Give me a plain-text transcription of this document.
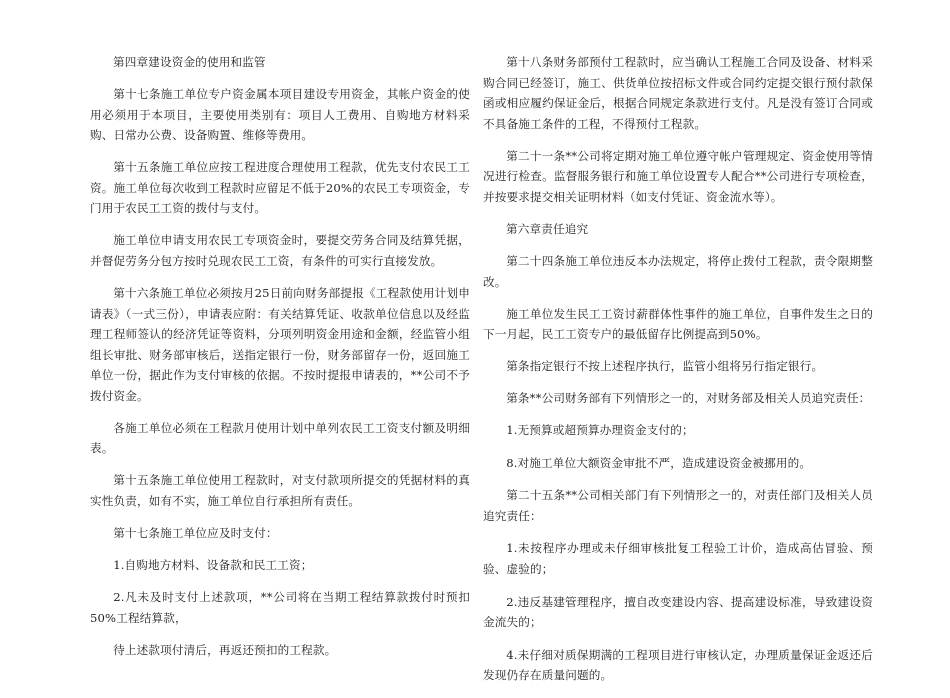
第四章建设资金的使用和监管

第十七条施工单位专户资金属本项目建设专用资金，其帐户资金的使用必须用于本项目，主要使用类别有：项目人工费用、自购地方材料采购、日常办公费、设备购置、维修等费用。

第十五条施工单位应按工程进度合理使用工程款，优先支付农民工工资。施工单位每次收到工程款时应留足不低于20%的农民工专项资金，专门用于农民工工资的拨付与支付。

施工单位申请支用农民工专项资金时，要提交劳务合同及结算凭据，并督促劳务分包方按时兑现农民工工资，有条件的可实行直接发放。

第十六条施工单位必须按月25日前向财务部提报《工程款使用计划申请表》（一式三份），申请表应附：有关结算凭证、收款单位信息以及经监理工程师签认的经济凭证等资料，分项列明资金用途和金额，经监管小组组长审批、财务部审核后，送指定银行一份，财务部留存一份，返回施工单位一份，据此作为支付审核的依据。不按时提报申请表的，**公司不予拨付资金。

各施工单位必须在工程款月使用计划中单列农民工工资支付额及明细表。

第十五条施工单位使用工程款时，对支付款项所提交的凭据材料的真实性负责，如有不实，施工单位自行承担所有责任。

第十七条施工单位应及时支付：

1.自购地方材料、设备款和民工工资；

2.凡未及时支付上述款项，**公司将在当期工程结算款拨付时预扣50%工程结算款，

待上述款项付清后，再返还预扣的工程款。

第十八条财务部预付工程款时，应当确认工程施工合同及设备、材料采购合同已经签订，施工、供货单位按招标文件或合同约定提交银行预付款保函或相应履约保证金后，根据合同规定条款进行支付。凡是没有签订合同或不具备施工条件的工程，不得预付工程款。

第二十一条**公司将定期对施工单位遵守帐户管理规定、资金使用等情况进行检查。监督服务银行和施工单位设置专人配合**公司进行专项检查，并按要求提交相关证明材料（如支付凭证、资金流水等）。

第六章责任追究

第二十四条施工单位违反本办法规定，将停止拨付工程款，责令限期整改。

施工单位发生民工工资讨薪群体性事件的施工单位，自事件发生之日的下一月起，民工工资专户的最低留存比例提高到50%。

第条指定银行不按上述程序执行，监管小组将另行指定银行。

第条**公司财务部有下列情形之一的，对财务部及相关人员追究责任：

1.无预算或超预算办理资金支付的；

8.对施工单位大额资金审批不严，造成建设资金被挪用的。

第二十五条**公司相关部门有下列情形之一的，对责任部门及相关人员追究责任：

1.未按程序办理或未仔细审核批复工程验工计价，造成高估冒验、预验、虚验的；

2.违反基建管理程序，擅自改变建设内容、提高建设标准，导致建设资金流失的；

4.未仔细对质保期满的工程项目进行审核认定，办理质量保证金返还后发现仍存在质量问题的。
